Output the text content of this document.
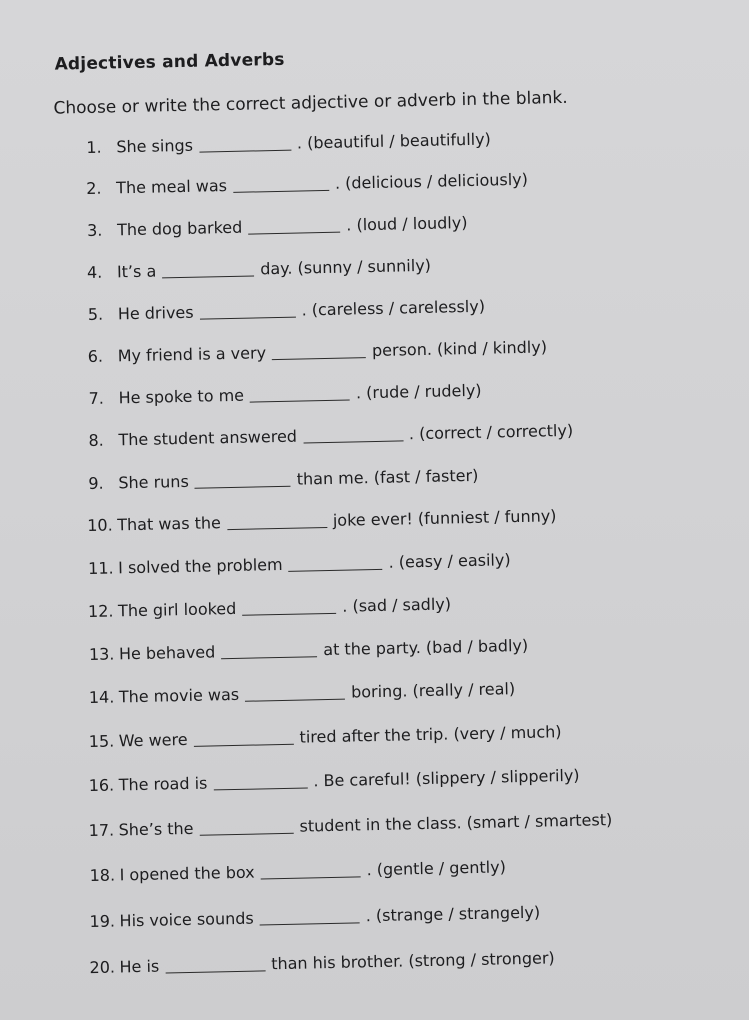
Adjectives and Adverbs
Choose or write the correct adjective or adverb in the blank.
1. She sings	. (beautiful / beautifully)
2. The meal was	. (delicious / deliciously)
3. The dog barked	. (loud / loudly)
4. It’s a	day. (sunny / sunnily)
5. He drives	. (careless / carelessly)
6. My friend is a very	person. (kind / kindly)
7. He spoke to me	. (rude / rudely)
8. The student answered	. (correct / correctly)
9. She runs	than me. (fast / faster)
10. That was the	joke ever! (funniest / funny)
11. I solved the problem	. (easy / easily)
12. The girl looked	. (sad / sadly)
13. He behaved	at the party. (bad / badly)
14. The movie was	boring. (really / real)
15. We were	tired after the trip. (very / much)
16. The road is	. Be careful! (slippery / slipperily)
17. She’s the	student in the class. (smart / smartest)
18. I opened the box	. (gentle / gently)
19. His voice sounds	. (strange / strangely)
20. He is	than his brother. (strong / stronger)
